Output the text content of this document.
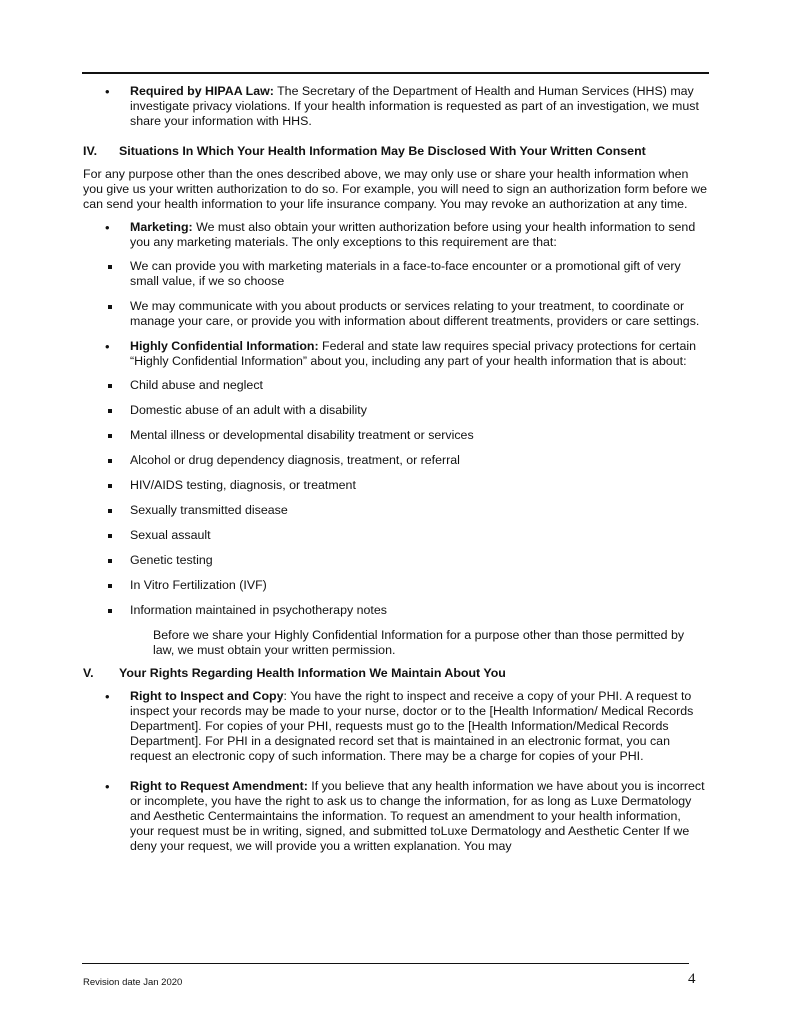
• Required by HIPAA Law: The Secretary of the Department of Health and Human Services (HHS) may investigate privacy violations. If your health information is requested as part of an investigation, we must share your information with HHS.

IV.	Situations In Which Your Health Information May Be Disclosed With Your Written Consent

For any purpose other than the ones described above, we may only use or share your health information when you give us your written authorization to do so. For example, you will need to sign an authorization form before we can send your health information to your life insurance company. You may revoke an authorization at any time.

• Marketing: We must also obtain your written authorization before using your health information to send you any marketing materials. The only exceptions to this requirement are that:

We can provide you with marketing materials in a face-to-face encounter or a promotional gift of very small value, if we so choose
We may communicate with you about products or services relating to your treatment, to coordinate or manage your care, or provide you with information about different treatments, providers or care settings.

• Highly Confidential Information: Federal and state law requires special privacy protections for certain “Highly Confidential Information” about you, including any part of your health information that is about:

Child abuse and neglect
Domestic abuse of an adult with a disability
Mental illness or developmental disability treatment or services
Alcohol or drug dependency diagnosis, treatment, or referral
HIV/AIDS testing, diagnosis, or treatment
Sexually transmitted disease
Sexual assault
Genetic testing
In Vitro Fertilization (IVF)
Information maintained in psychotherapy notes

Before we share your Highly Confidential Information for a purpose other than those permitted by law, we must obtain your written permission.

V.	Your Rights Regarding Health Information We Maintain About You

• Right to Inspect and Copy: You have the right to inspect and receive a copy of your PHI. A request to inspect your records may be made to your nurse, doctor or to the [Health Information/ Medical Records Department]. For copies of your PHI, requests must go to the [Health Information/Medical Records Department]. For PHI in a designated record set that is maintained in an electronic format, you can request an electronic copy of such information. There may be a charge for copies of your PHI.

• Right to Request Amendment: If you believe that any health information we have about you is incorrect or incomplete, you have the right to ask us to change the information, for as long as Luxe Dermatology and Aesthetic Centermaintains the information. To request an amendment to your health information, your request must be in writing, signed, and submitted toLuxe Dermatology and Aesthetic Center If we deny your request, we will provide you a written explanation. You may

Revision date Jan 2020	4
